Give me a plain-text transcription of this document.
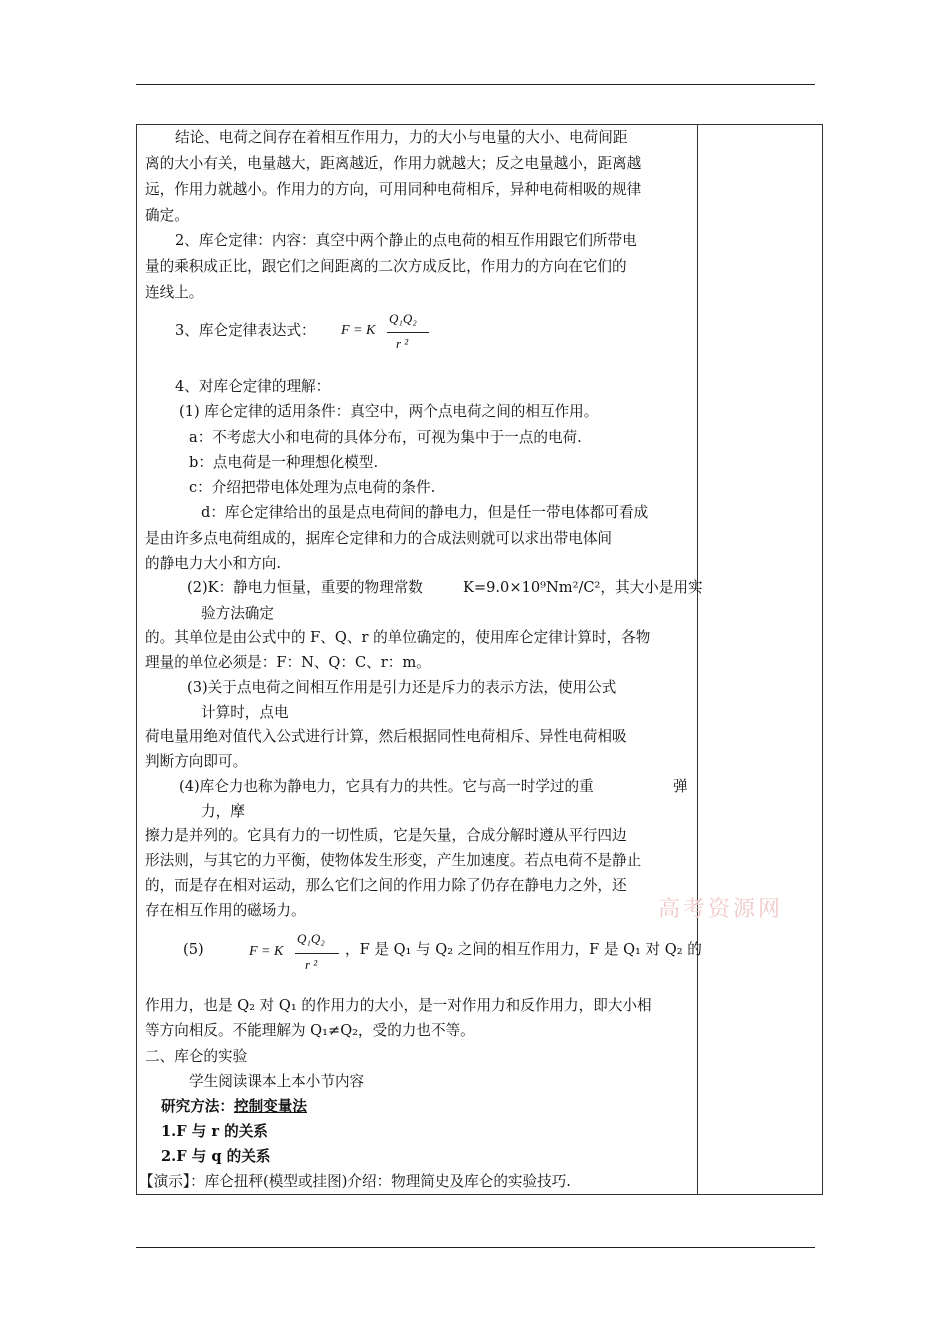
结论、电荷之间存在着相互作用力，力的大小与电量的大小、电荷间距
离的大小有关，电量越大，距离越近，作用力就越大；反之电量越小，距离越
远，作用力就越小。作用力的方向，可用同种电荷相斥，异种电荷相吸的规律
确定。
2、库仑定律：内容：真空中两个静止的点电荷的相互作用跟它们所带电
量的乘积成正比，跟它们之间距离的二次方成反比，作用力的方向在它们的
连线上。
3、库仑定律表达式： F = K
Q₁Q₂
r ²
4、对库仑定律的理解：
(1) 库仑定律的适用条件：真空中，两个点电荷之间的相互作用。
a：不考虑大小和电荷的具体分布，可视为集中于一点的电荷.
b：点电荷是一种理想化模型.
c：介绍把带电体处理为点电荷的条件.
d：库仑定律给出的虽是点电荷间的静电力，但是任一带电体都可看成
是由许多点电荷组成的，据库仑定律和力的合成法则就可以求出带电体间
的静电力大小和方向.
(2)K：静电力恒量，重要的物理常数	K=9.0×10⁹Nm²/C²，其大小是用实
验方法确定
的。其单位是由公式中的 F、Q、r 的单位确定的，使用库仑定律计算时，各物
理量的单位必须是：F：N、Q：C、r：m。
(3)关于点电荷之间相互作用是引力还是斥力的表示方法，使用公式
计算时，点电
荷电量用绝对值代入公式进行计算，然后根据同性电荷相斥、异性电荷相吸
判断方向即可。
(4)库仑力也称为静电力，它具有力的共性。它与高一时学过的重	弹
力，摩
擦力是并列的。它具有力的一切性质，它是矢量，合成分解时遵从平行四边
形法则，与其它的力平衡，使物体发生形变，产生加速度。若点电荷不是静止
的，而是存在相对运动，那么它们之间的作用力除了仍存在静电力之外，还
存在相互作用的磁场力。
(5)	F = K
Q₁Q₂
r ²
，F 是 Q₁ 与 Q₂ 之间的相互作用力，F 是 Q₁ 对 Q₂ 的
作用力，也是 Q₂ 对 Q₁ 的作用力的大小，是一对作用力和反作用力，即大小相
等方向相反。不能理解为 Q₁≠Q₂，受的力也不等。
二、库仑的实验
学生阅读课本上本小节内容
研究方法：控制变量法
1.F 与 r 的关系
2.F 与 q 的关系
【演示】：库仑扭秤(模型或挂图)介绍：物理简史及库仑的实验技巧.
高考资源网
